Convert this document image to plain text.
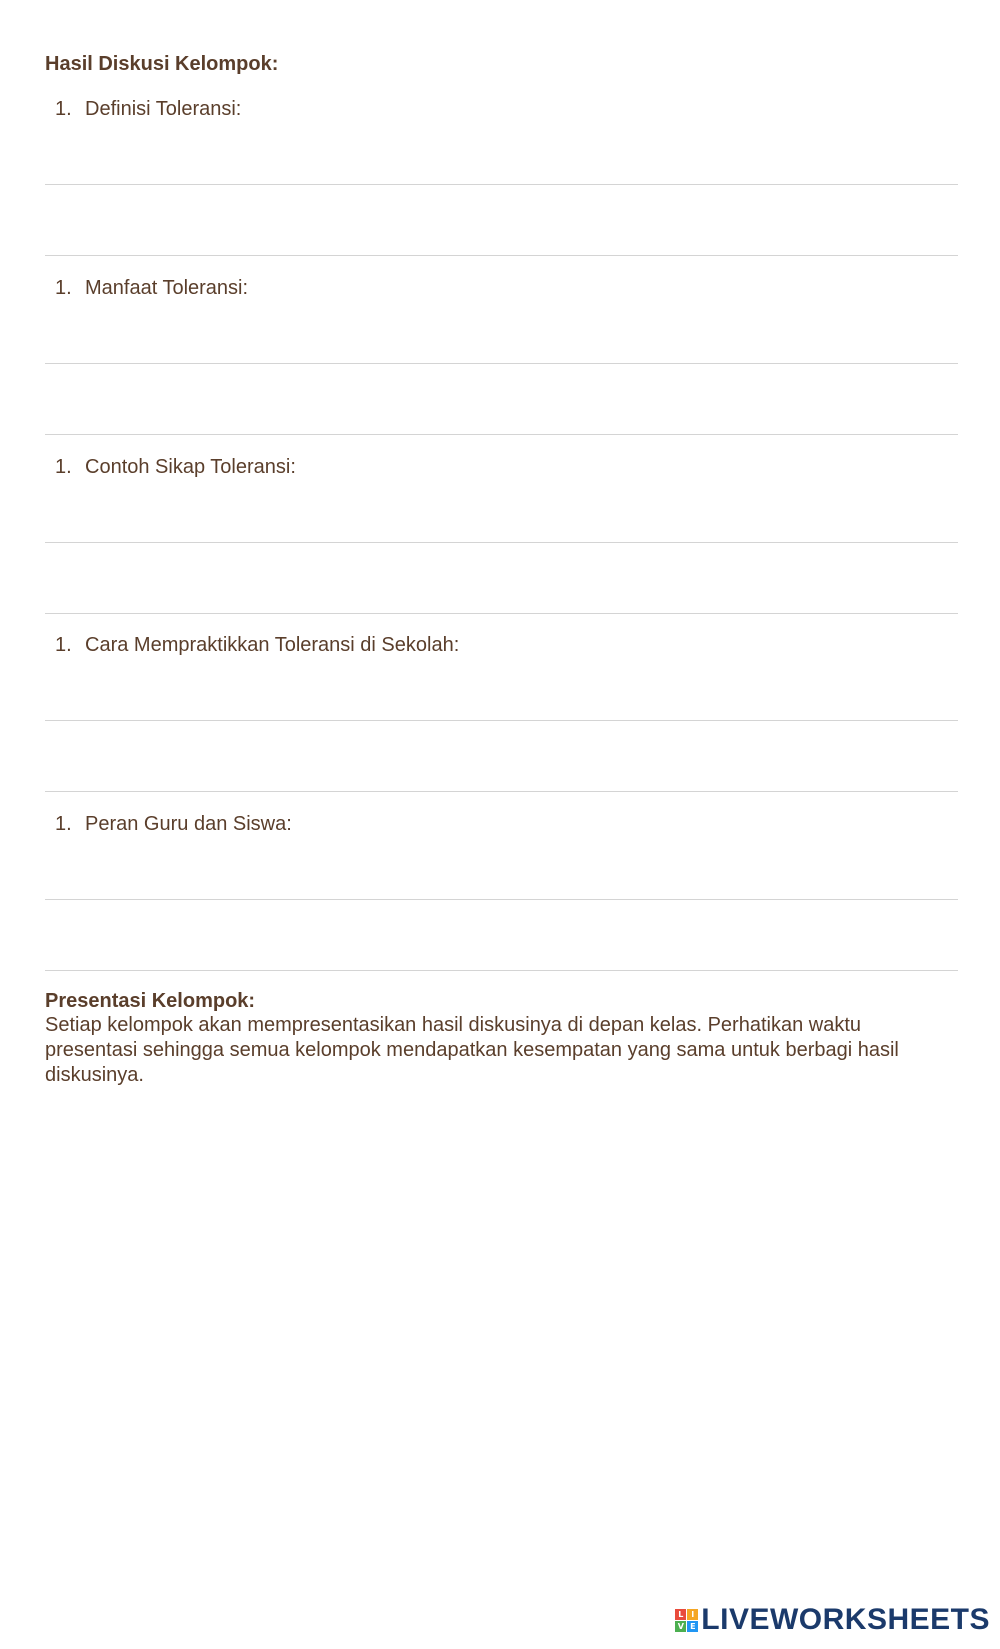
Hasil Diskusi Kelompok:
1. Definisi Toleransi:
1. Manfaat Toleransi:
1. Contoh Sikap Toleransi:
1. Cara Mempraktikkan Toleransi di Sekolah:
1. Peran Guru dan Siswa:
Presentasi Kelompok:

Setiap kelompok akan mempresentasikan hasil diskusinya di depan kelas. Perhatikan waktu presentasi sehingga semua kelompok mendapatkan kesempatan yang sama untuk berbagi hasil diskusinya.

L I
V E LIVEWORKSHEETS
